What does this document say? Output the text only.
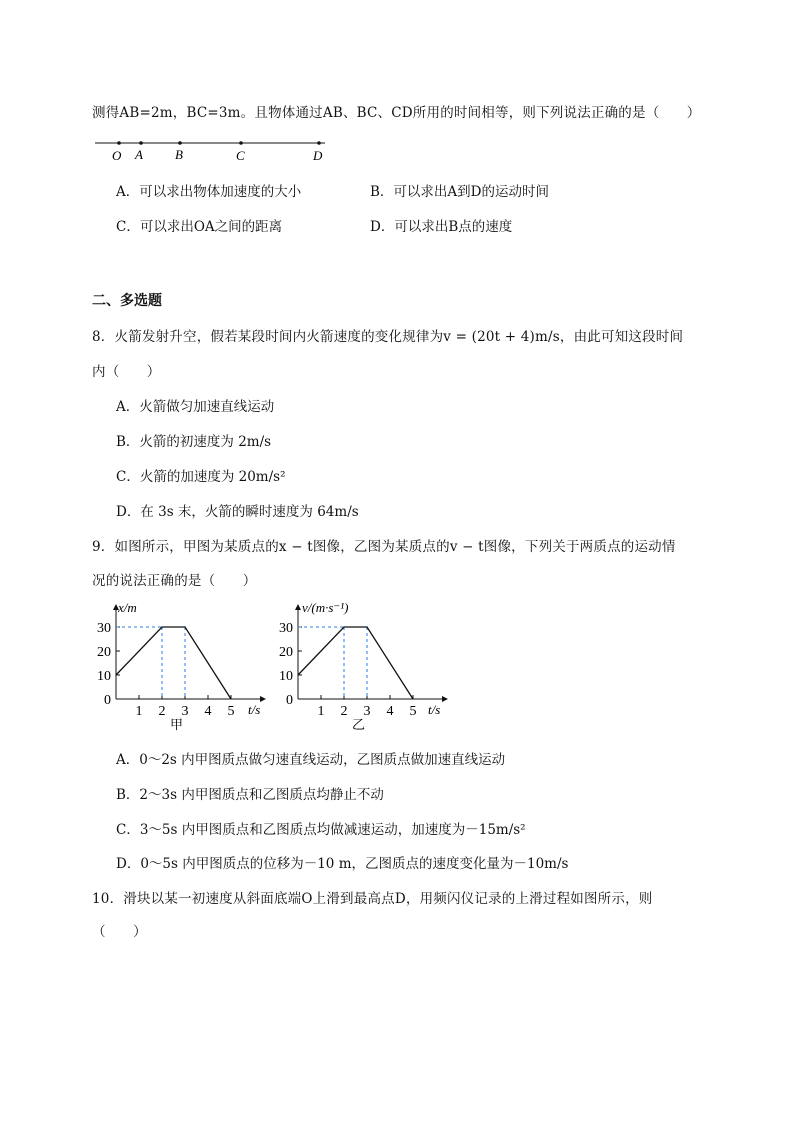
测得AB=2m，BC=3m。且物体通过AB、BC、CD所用的时间相等，则下列说法正确的是（　　）
O A B	C	D
A．可以求出物体加速度的大小	B．可以求出A到D的运动时间
C．可以求出OA之间的距离	D．可以求出B点的速度
二、多选题
8．火箭发射升空，假若某段时间内火箭速度的变化规律为v = (20t + 4)m/s，由此可知这段时间
内（　　）
A．火箭做匀加速直线运动
B．火箭的初速度为 2m/s
C．火箭的加速度为 20m/s²
D．在 3s 末，火箭的瞬时速度为 64m/s
9．如图所示，甲图为某质点的x − t图像，乙图为某质点的v − t图像，下列关于两质点的运动情
况的说法正确的是（　　）
0
10
20
30
1 2 3 4 5
x/m
t/s
甲
0
10
20
30
1 2 3 4 5
v/(m·s⁻¹)
t/s
乙
A．0～2s 内甲图质点做匀速直线运动，乙图质点做加速直线运动
B．2～3s 内甲图质点和乙图质点均静止不动
C．3～5s 内甲图质点和乙图质点均做减速运动，加速度为－15m/s²
D．0～5s 内甲图质点的位移为－10 m，乙图质点的速度变化量为－10m/s
10．滑块以某一初速度从斜面底端O上滑到最高点D，用频闪仪记录的上滑过程如图所示，则
（　　）
